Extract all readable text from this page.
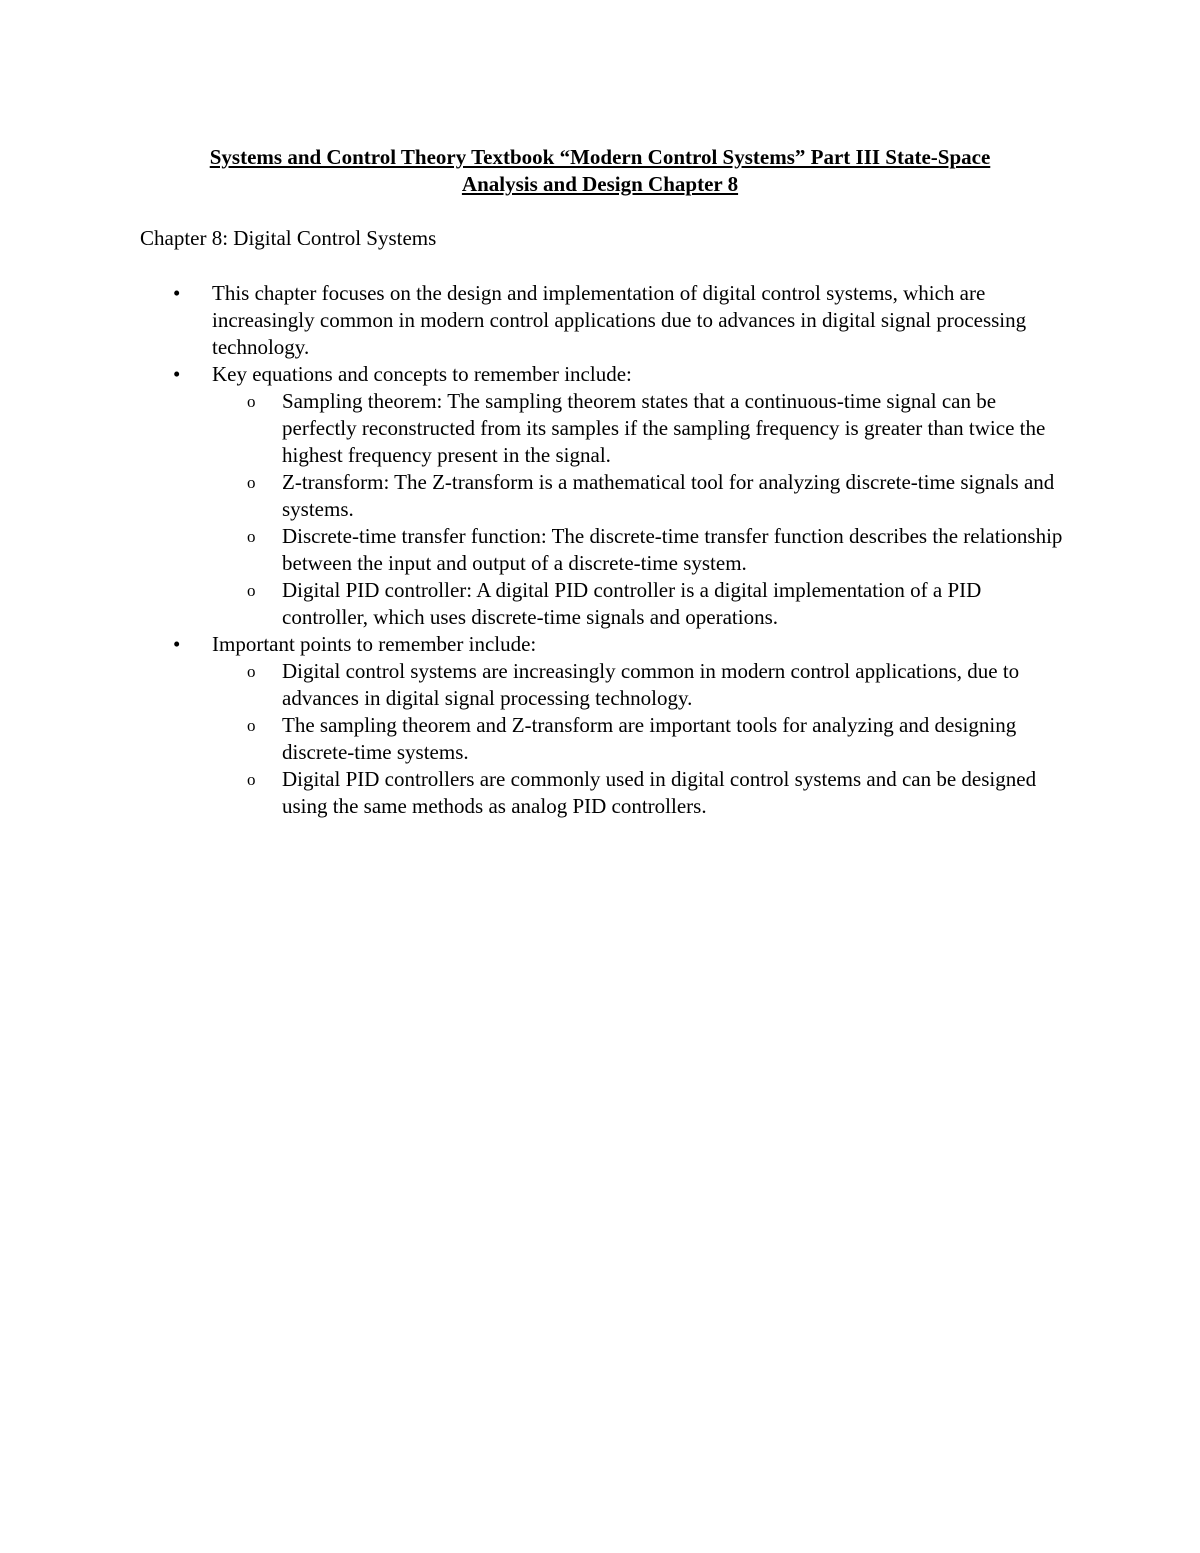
Systems and Control Theory Textbook “Modern Control Systems” Part III State-Space
Analysis and Design Chapter 8

Chapter 8: Digital Control Systems

• This chapter focuses on the design and implementation of digital control systems, which are increasingly common in modern control applications due to advances in digital signal processing technology.
• Key equations and concepts to remember include:
o Sampling theorem: The sampling theorem states that a continuous-time signal can be perfectly reconstructed from its samples if the sampling frequency is greater than twice the highest frequency present in the signal.
o Z-transform: The Z-transform is a mathematical tool for analyzing discrete-time signals and systems.
o Discrete-time transfer function: The discrete-time transfer function describes the relationship between the input and output of a discrete-time system.
o Digital PID controller: A digital PID controller is a digital implementation of a PID controller, which uses discrete-time signals and operations.
• Important points to remember include:
o Digital control systems are increasingly common in modern control applications, due to advances in digital signal processing technology.
o The sampling theorem and Z-transform are important tools for analyzing and designing discrete-time systems.
o Digital PID controllers are commonly used in digital control systems and can be designed using the same methods as analog PID controllers.
